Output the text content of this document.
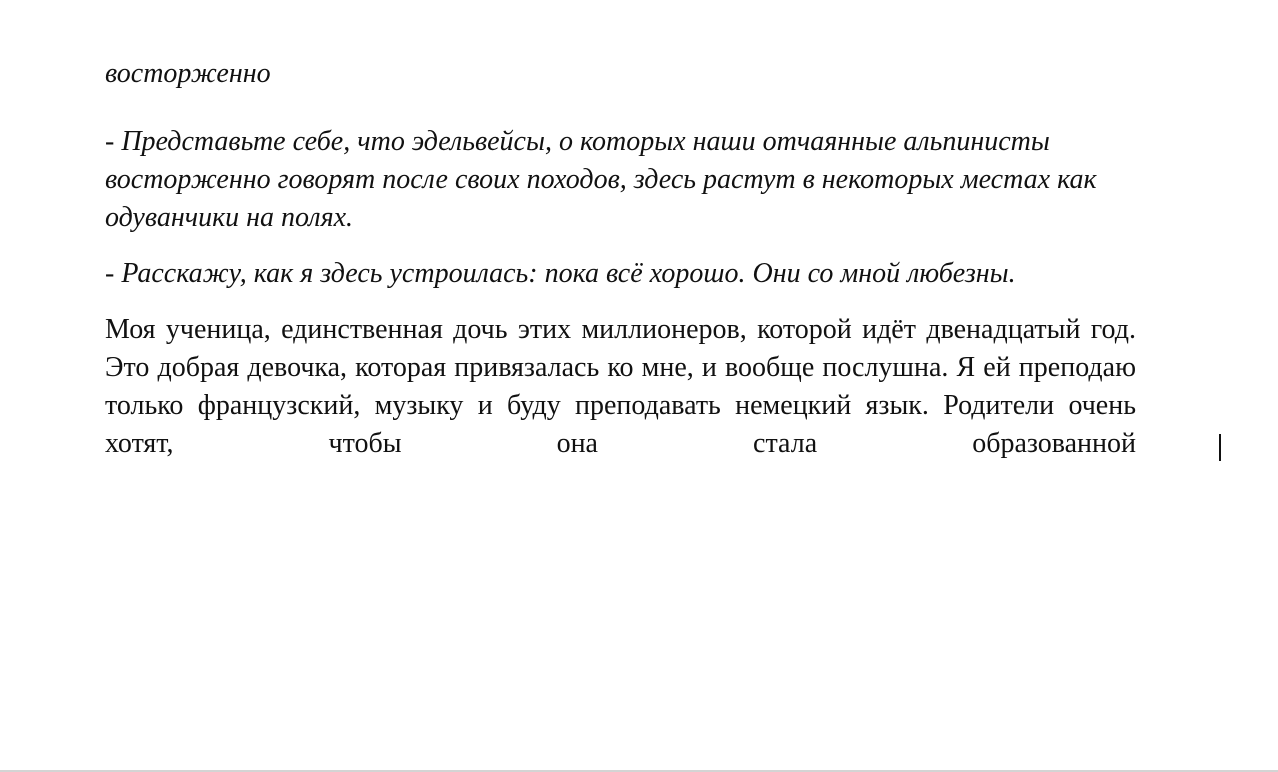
восторженно

- Представьте себе, что эдельвейсы, о которых наши отчаянные альпинисты восторженно говорят после своих походов, здесь растут в некоторых местах как одуванчики на полях.

- Расскажу, как я здесь устроилась: пока всё хорошо. Они со мной любезны.

Моя ученица, единственная дочь этих миллионеров, которой идёт двенадцатый год. Это добрая девочка, которая привязалась ко мне, и вообще послушна. Я ей преподаю только французский, музыку и буду преподавать немецкий язык. Родители очень хотят, чтобы она стала образованной
